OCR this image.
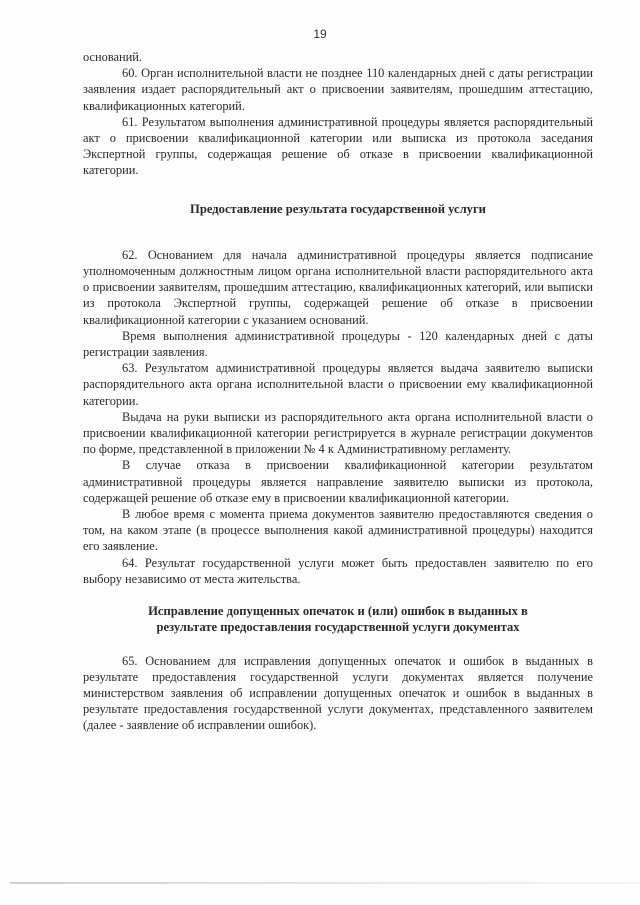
19

оснований.

60. Орган исполнительной власти не позднее 110 календарных дней с даты регистрации заявления издает распорядительный акт о присвоении заявителям, прошедшим аттестацию, квалификационных категорий.

61. Результатом выполнения административной процедуры является распорядительный акт о присвоении квалификационной категории или выписка из протокола заседания Экспертной группы, содержащая решение об отказе в присвоении квалификационной категории.

Предоставление результата государственной услуги

62. Основанием для начала административной процедуры является подписание уполномоченным должностным лицом органа исполнительной власти распорядительного акта о присвоении заявителям, прошедшим аттестацию, квалификационных категорий, или выписки из протокола Экспертной группы, содержащей решение об отказе в присвоении квалификационной категории с указанием оснований.

Время выполнения административной процедуры - 120 календарных дней с даты регистрации заявления.

63. Результатом административной процедуры является выдача заявителю выписки распорядительного акта органа исполнительной власти о присвоении ему квалификационной категории.

Выдача на руки выписки из распорядительного акта органа исполнительной власти о присвоении квалификационной категории регистрируется в журнале регистрации документов по форме, представленной в приложении № 4 к Административному регламенту.

В случае отказа в присвоении квалификационной категории результатом административной процедуры является направление заявителю выписки из протокола, содержащей решение об отказе ему в присвоении квалификационной категории.

В любое время с момента приема документов заявителю предоставляются сведения о том, на каком этапе (в процессе выполнения какой административной процедуры) находится его заявление.

64. Результат государственной услуги может быть предоставлен заявителю по его выбору независимо от места жительства.

Исправление допущенных опечаток и (или) ошибок в выданных в результате предоставления государственной услуги документах

65. Основанием для исправления допущенных опечаток и ошибок в выданных в результате предоставления государственной услуги документах является получение министерством заявления об исправлении допущенных опечаток и ошибок в выданных в результате предоставления государственной услуги документах, представленного заявителем (далее - заявление об исправлении ошибок).
